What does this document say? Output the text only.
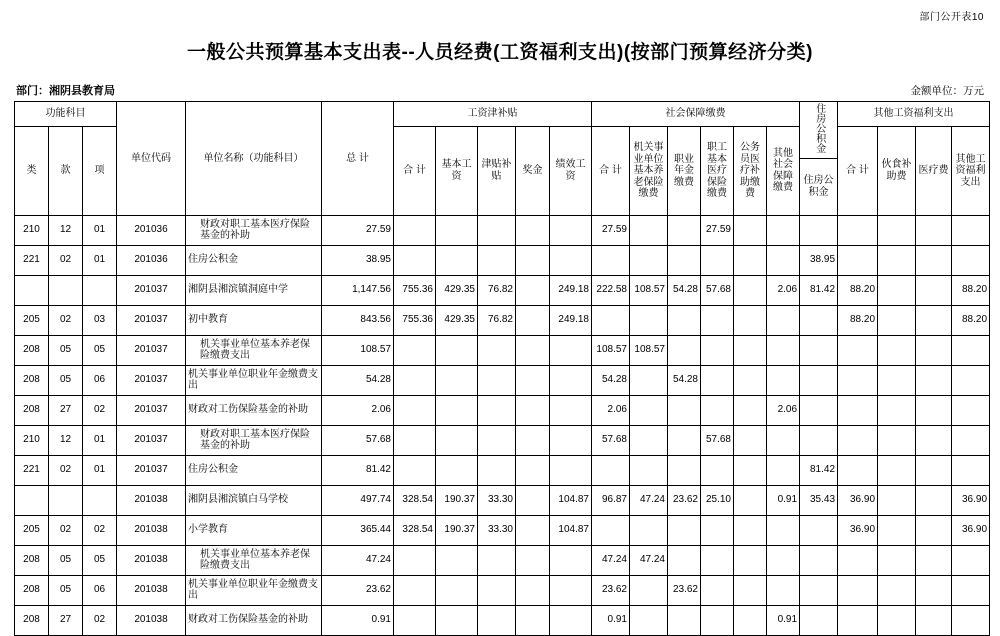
部门公开表10
一般公共预算基本支出表--人员经费(工资福利支出)(按部门预算经济分类)
部门：湘阴县教育局	金额单位：万元
功能科目			单位代码	单位名称（功能科目）	总 计	工资津补贴					社会保障缴费						住房公积金	其他工资福利支出			
类	款	项				合 计	基本工资	津贴补贴	奖金	绩效工资	合 计	机关事业单位基本养老保险缴费	职业年金缴费	职工基本医疗保险缴费	公务员医疗补助缴费	其他社会保障缴费		合 计	伙食补助费	医疗费	其他工资福利支出
																	住房公积金				
210	12	01	201036	财政对职工基本医疗保险基金的补助	27.59						27.59			27.59							
221	02	01	201036	住房公积金	38.95												38.95				
			201037	湘阴县湘滨镇洞庭中学	1,147.56	755.36	429.35	76.82		249.18	222.58	108.57	54.28	57.68		2.06	81.42	88.20			88.20
205	02	03	201037	初中教育	843.56	755.36	429.35	76.82		249.18								88.20			88.20
208	05	05	201037	机关事业单位基本养老保险缴费支出	108.57						108.57	108.57									
208	05	06	201037	机关事业单位职业年金缴费支出	54.28						54.28		54.28								
208	27	02	201037	财政对工伤保险基金的补助	2.06						2.06					2.06					
210	12	01	201037	财政对职工基本医疗保险基金的补助	57.68						57.68			57.68							
221	02	01	201037	住房公积金	81.42												81.42				
			201038	湘阴县湘滨镇白马学校	497.74	328.54	190.37	33.30		104.87	96.87	47.24	23.62	25.10		0.91	35.43	36.90			36.90
205	02	02	201038	小学教育	365.44	328.54	190.37	33.30		104.87								36.90			36.90
208	05	05	201038	机关事业单位基本养老保险缴费支出	47.24						47.24	47.24									
208	05	06	201038	机关事业单位职业年金缴费支出	23.62						23.62		23.62								
208	27	02	201038	财政对工伤保险基金的补助	0.91						0.91					0.91					
